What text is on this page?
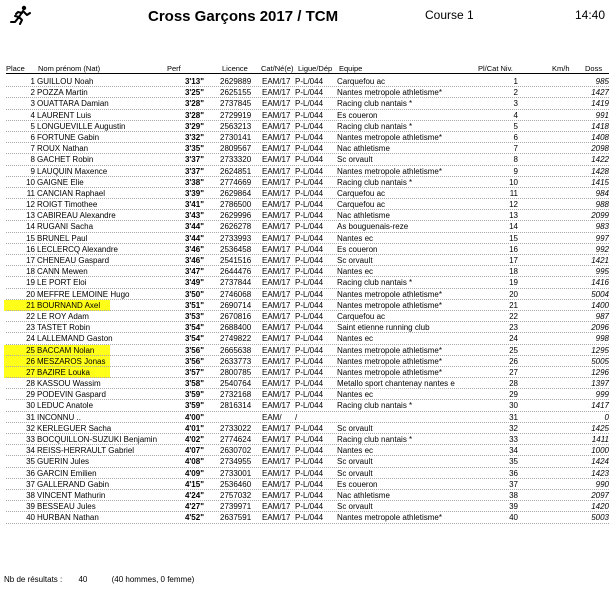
Cross Garçons 2017 / TCM	Course 1	14:40
Place Nom prénom (Nat)	Perf	Licence Cat/Né(e) Ligue/Dép Equipe	Pl/Cat Niv.	Km/h Doss
1 GUILLOU Noah	3'13" 2629889 EAM/17 P-L/044 Carquefou ac	1	985
2 POZZA Martin	3'25" 2625155 EAM/17 P-L/044 Nantes metropole athletisme*	2	1427
3 OUATTARA Damian	3'28" 2737845 EAM/17 P-L/044 Racing club nantais *	3	1419
4 LAURENT Luis	3'28" 2729919 EAM/17 P-L/044 Es coueron	4	991
5 LONGUEVILLE Augustin	3'29" 2563213 EAM/17 P-L/044 Racing club nantais *	5	1418
6 FORTUNE Gabin	3'32" 2730141 EAM/17 P-L/044 Nantes metropole athletisme*	6	1408
7 ROUX Nathan	3'35" 2809567 EAM/17 P-L/044 Nac athletisme	7	2098
8 GACHET Robin	3'37" 2733320 EAM/17 P-L/044 Sc orvault	8	1422
9 LAUQUIN Maxence	3'37" 2624851 EAM/17 P-L/044 Nantes metropole athletisme*	9	1428
10 GAIGNE Elie	3'38" 2774669 EAM/17 P-L/044 Racing club nantais *	10	1415
11 CANCIAN Raphael	3'39" 2629864 EAM/17 P-L/044 Carquefou ac	11	984
12 ROIGT Timothee	3'41" 2786500 EAM/17 P-L/044 Carquefou ac	12	988
13 CABIREAU Alexandre	3'43" 2629996 EAM/17 P-L/044 Nac athletisme	13	2099
14 RUGANI Sacha	3'44" 2626278 EAM/17 P-L/044 As bouguenais-reze	14	983
15 BRUNEL Paul	3'44" 2733993 EAM/17 P-L/044 Nantes ec	15	997
16 LECLERCQ Alexandre	3'46" 2536458 EAM/17 P-L/044 Es coueron	16	992
17 CHENEAU Gaspard	3'46" 2541516 EAM/17 P-L/044 Sc orvault	17	1421
18 CANN Mewen	3'47" 2644476 EAM/17 P-L/044 Nantes ec	18	995
19 LE PORT Eloi	3'49" 2737844 EAM/17 P-L/044 Racing club nantais *	19	1416
20 MEFFRE LEMOINE Hugo	3'50" 2746068 EAM/17 P-L/044 Nantes metropole athletisme*	20	5004
21 BOURNAND Axel	3'51" 2690714 EAM/17 P-L/044 Nantes metropole athletisme*	21	1400
22 LE ROY Adam	3'53" 2670816 EAM/17 P-L/044 Carquefou ac	22	987
23 TASTET Robin	3'54" 2688400 EAM/17 P-L/044 Saint etienne running club	23	2096
24 LALLEMAND Gaston	3'54" 2749822 EAM/17 P-L/044 Nantes ec	24	998
25 BACCAM Nolan	3'56" 2665638 EAM/17 P-L/044 Nantes metropole athletisme*	25	1295
26 MESZAROS Jonas	3'56" 2633773 EAM/17 P-L/044 Nantes metropole athletisme*	26	5005
27 BAZIRE Louka	3'57" 2800785 EAM/17 P-L/044 Nantes metropole athletisme*	27	1296
28 KASSOU Wassim	3'58" 2540764 EAM/17 P-L/044 Metallo sport chantenay nantes e	28	1397
29 PODEVIN Gaspard	3'59" 2732168 EAM/17 P-L/044 Nantes ec	29	999
30 LEDUC Anatole	3'59" 2816314 EAM/17 P-L/044 Racing club nantais *	30	1417
31 INCONNU ..	4'00"	EAM/ /	31	0
32 KERLEGUER Sacha	4'01" 2733022 EAM/17 P-L/044 Sc orvault	32	1425
33 BOCQUILLON-SUZUKI Benjamin	4'02" 2774624 EAM/17 P-L/044 Racing club nantais *	33	1411
34 REISS-HERRAULT Gabriel	4'07" 2630702 EAM/17 P-L/044 Nantes ec	34	1000
35 GUERIN Jules	4'08" 2734955 EAM/17 P-L/044 Sc orvault	35	1424
36 GARCIN Emilien	4'09" 2733001 EAM/17 P-L/044 Sc orvault	36	1423
37 GALLERAND Gabin	4'15" 2536460 EAM/17 P-L/044 Es coueron	37	990
38 VINCENT Mathurin	4'24" 2757032 EAM/17 P-L/044 Nac athletisme	38	2097
39 BESSEAU Jules	4'27" 2739971 EAM/17 P-L/044 Sc orvault	39	1420
40 HURBAN Nathan	4'52" 2637591 EAM/17 P-L/044 Nantes metropole athletisme*	40	5003
Nb de résultats : 40	(40 hommes, 0 femme)
